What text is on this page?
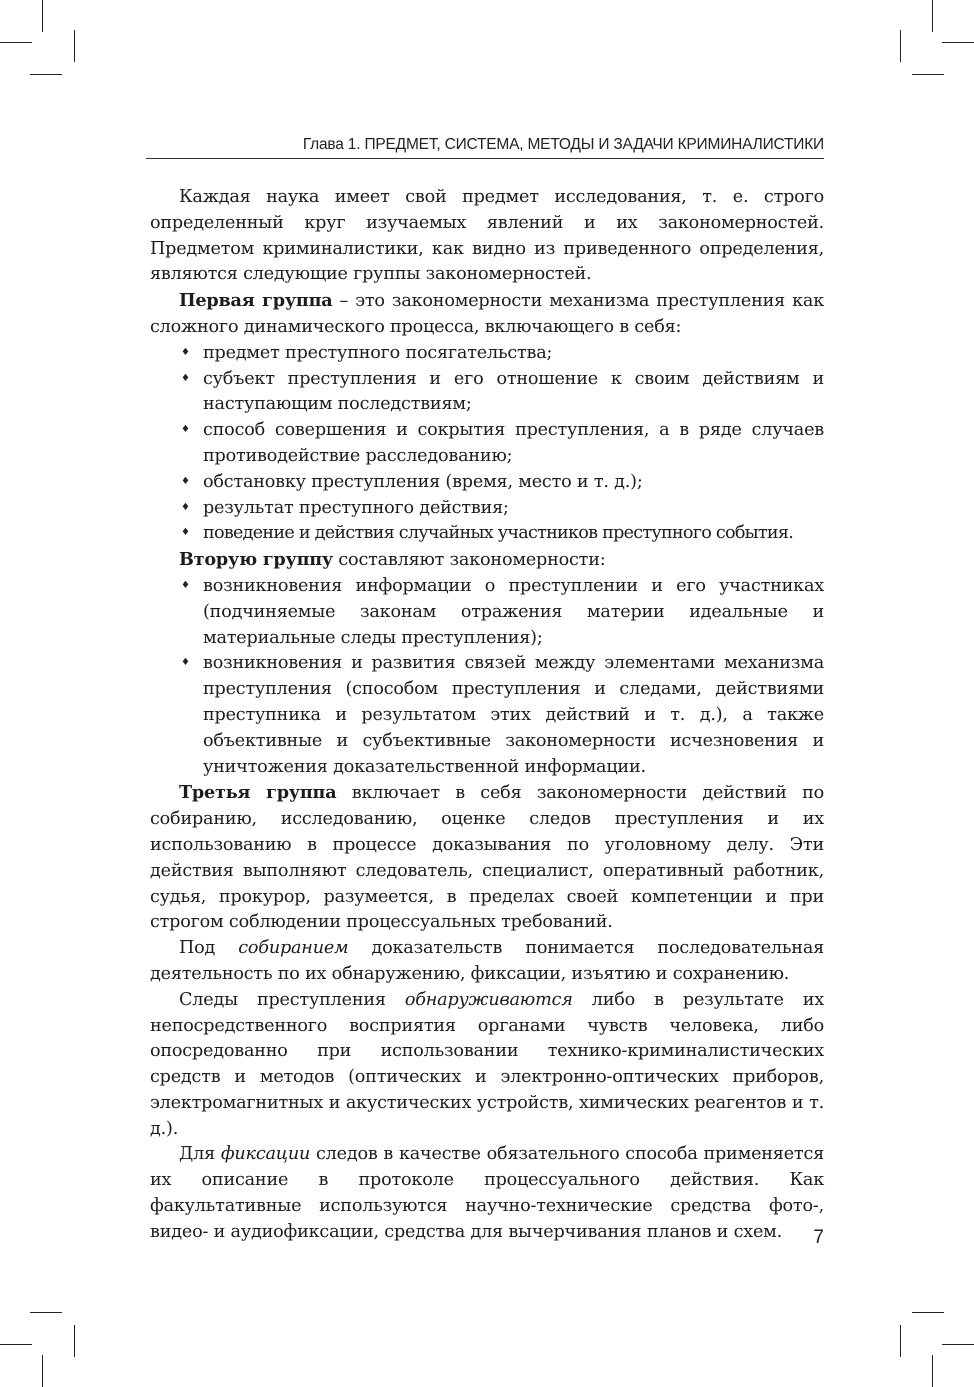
Глава 1. ПРЕДМЕТ, СИСТЕМА, МЕТОДЫ И ЗАДАЧИ КРИМИНАЛИСТИКИ

Каждая наука имеет свой предмет исследования, т. е. строго определенный круг изучаемых явлений и их закономерностей. Предметом криминалистики, как видно из приведенного определения, являются следующие группы закономерностей.

Первая группа – это закономерности механизма преступления как сложного динамического процесса, включающего в себя:

♦ предмет преступного посягательства;
♦ субъект преступления и его отношение к своим действиям и наступающим последствиям;
♦ способ совершения и сокрытия преступления, а в ряде случаев противодействие расследованию;
♦ обстановку преступления (время, место и т. д.);
♦ результат преступного действия;
♦ поведение и действия случайных участников преступного события.

Вторую группу составляют закономерности:

♦ возникновения информации о преступлении и его участниках (подчиняемые законам отражения материи идеальные и материальные следы преступления);
♦ возникновения и развития связей между элементами механизма преступления (способом преступления и следами, действиями преступника и результатом этих действий и т. д.), а также объективные и субъективные закономерности исчезновения и уничтожения доказательственной информации.

Третья группа включает в себя закономерности действий по собиранию, исследованию, оценке следов преступления и их использованию в процессе доказывания по уголовному делу. Эти действия выполняют следователь, специалист, оперативный работник, судья, прокурор, разумеется, в пределах своей компетенции и при строгом соблюдении процессуальных требований.

Под собиранием доказательств понимается последовательная деятельность по их обнаружению, фиксации, изъятию и сохранению.

Следы преступления обнаруживаются либо в результате их непосредственного восприятия органами чувств человека, либо опосредованно при использовании технико-криминалистических средств и методов (оптических и электронно-оптических приборов, электромагнитных и акустических устройств, химических реагентов и т. д.).

Для фиксации следов в качестве обязательного способа применяется их описание в протоколе процессуального действия. Как факультативные используются научно-технические средства фото-, видео- и аудиофиксации, средства для вычерчивания планов и схем.	7
